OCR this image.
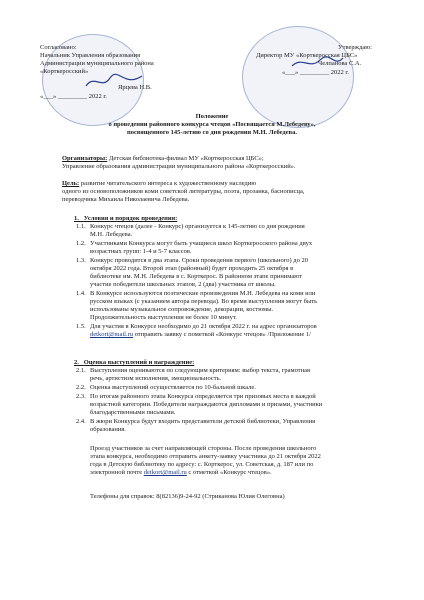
Согласовано:
Начальник Управления образования
Администрации муниципального района
«Корткеросский»
Ярцева Н.В.
«___» _________ 2022 г.
Утверждаю:
Директор МУ «Корткеросская ЦБС»
Челпанова С.А.
«___» _________ 2022 г.
Положение
о проведении районного конкурса чтецов «Посвящается М.Лебедеву»,
посвященного 145-летию со дня рождения М.Н. Лебедева.
Организаторы: Детская библиотека-филиал МУ «Корткеросская ЦБС»;
Управление образования администрации муниципального района «Корткеросский».
Цель: развитие читательского интереса к художественному наследию
одного из основоположников коми советской литературы, поэта, прозаика, баснописца,
переводчика Михаила Николаевича Лебедева.
1.   Условия и порядок проведения:
1.1. Конкурс чтецов (далее - Конкурс) организуется к 145-летию со дня рождения
М.Н. Лебедева.
1.2. Участниками Конкурса могут быть учащиеся школ Корткеросского района двух
возрастных групп: 1-4 и 5-7 классов.
1.3. Конкурс проводится в два этапа. Сроки проведения первого (школьного) до 20
октября 2022 года. Второй этап (районный) будет проходить 25 октября в
библиотеке им. М.Н. Лебедева в с. Корткерос. В районном этапе принимают
участие победители школьных этапов, 2 (два) участника от школы.
1.4. В Конкурсе используются поэтические произведения М.Н. Лебедева на коми или
русском языках (с указанием автора перевода). Во время выступления могут быть
использованы музыкальное сопровождение, декорации, костюмы.
Продолжительность выступления не более 10 минут.
1.5. Для участия в Конкурсе необходимо до 21 октября 2022 г. на адрес организаторов
detkort@mail.ru отправить заявку с пометкой «Конкурс чтецов» /Приложение 1/
2.   Оценка выступлений и награждение:
2.1. Выступления оцениваются по следующим критериям: выбор текста, грамотная
речь, артистизм исполнения, эмоциональность.
2.2. Оценка выступлений осуществляется по 10-бальной шкале.
2.3. По итогам районного этапа Конкурса определяется три призовых места в каждой
возрастной категории. Победители награждаются дипломами и призами, участники
благодарственными письмами.
2.4. В жюри Конкурса будут входить представители детской библиотеки, Управления
образования.
Проезд участников за счет направляющей стороны. После проведения школьного
этапа конкурса, необходимо отправить анкету-заявку участника до 21 октября 2022
года в Детскую библиотеку по адресу: с. Корткерос, ул. Советская, д. 187 или по
электронной почте detkort@mail.ru с отметкой «Конкурс чтецов».
Телефоны для справок: 8(82136)9-24-92 (Стриканова Юлия Олеговна)
